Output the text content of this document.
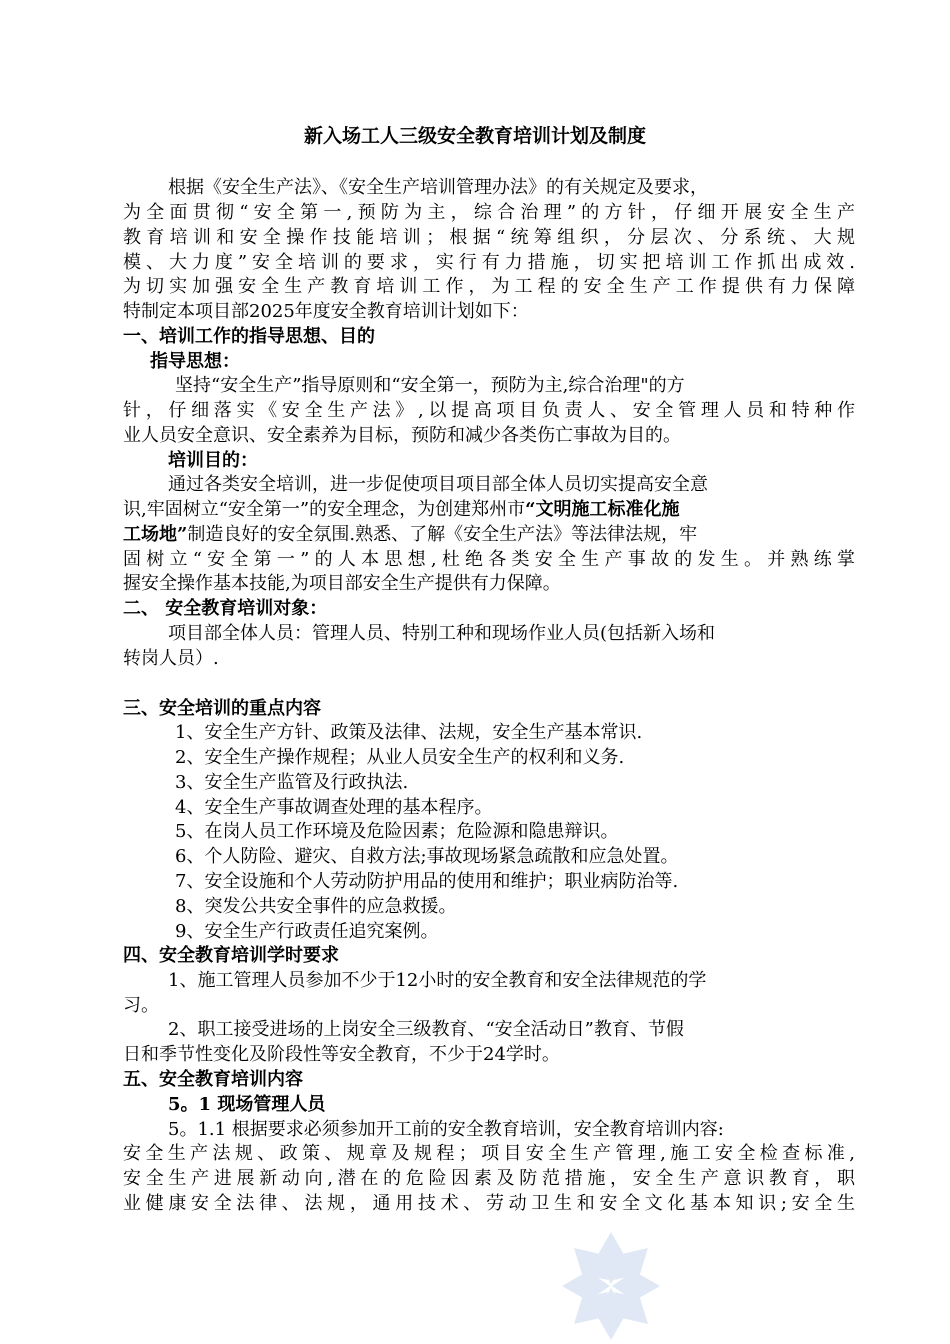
新入场工人三级安全教育培训计划及制度
根据《安全生产法》、《安全生产培训管理办法》的有关规定及要求，
为全面贯彻“安全第一,预防为主，综合治理”的方针，仔细开展安全生产
教育培训和安全操作技能培训；根据“统筹组织，分层次、分系统、大规
模、大力度”安全培训的要求，实行有力措施，切实把培训工作抓出成效.
为切实加强安全生产教育培训工作，为工程的安全生产工作提供有力保障
特制定本项目部2025年度安全教育培训计划如下：
一、培训工作的指导思想、目的
指导思想：
坚持“安全生产”指导原则和“安全第一，预防为主,综合治理"的方
针，仔细落实《安全生产法》,以提高项目负责人、安全管理人员和特种作
业人员安全意识、安全素养为目标，预防和减少各类伤亡事故为目的。
培训目的：
通过各类安全培训，进一步促使项目项目部全体人员切实提高安全意
识,牢固树立“安全第一”的安全理念，为创建郑州市“文明施工标准化施
工场地”制造良好的安全氛围.熟悉、了解《安全生产法》等法律法规，牢
固树立“安全第一”的人本思想,杜绝各类安全生产事故的发生。并熟练掌
握安全操作基本技能,为项目部安全生产提供有力保障。
二、 安全教育培训对象：
项目部全体人员：管理人员、特别工种和现场作业人员(包括新入场和
转岗人员）.
三、安全培训的重点内容
1、安全生产方针、政策及法律、法规，安全生产基本常识.
2、安全生产操作规程；从业人员安全生产的权利和义务.
3、安全生产监管及行政执法.
4、安全生产事故调查处理的基本程序。
5、在岗人员工作环境及危险因素；危险源和隐患辩识。
6、个人防险、避灾、自救方法;事故现场紧急疏散和应急处置。
7、安全设施和个人劳动防护用品的使用和维护；职业病防治等.
8、突发公共安全事件的应急救援。
9、安全生产行政责任追究案例。
四、安全教育培训学时要求
1、施工管理人员参加不少于12小时的安全教育和安全法律规范的学
习。
2、职工接受进场的上岗安全三级教育、“安全活动日”教育、节假
日和季节性变化及阶段性等安全教育，不少于24学时。
五、安全教育培训内容
5。1 现场管理人员
5。1.1 根据要求必须参加开工前的安全教育培训，安全教育培训内容:
安全生产法规、政策、规章及规程；项目安全生产管理,施工安全检查标准,
安全生产进展新动向,潜在的危险因素及防范措施，安全生产意识教育，职
业健康安全法律、法规，通用技术、劳动卫生和安全文化基本知识;安全生
